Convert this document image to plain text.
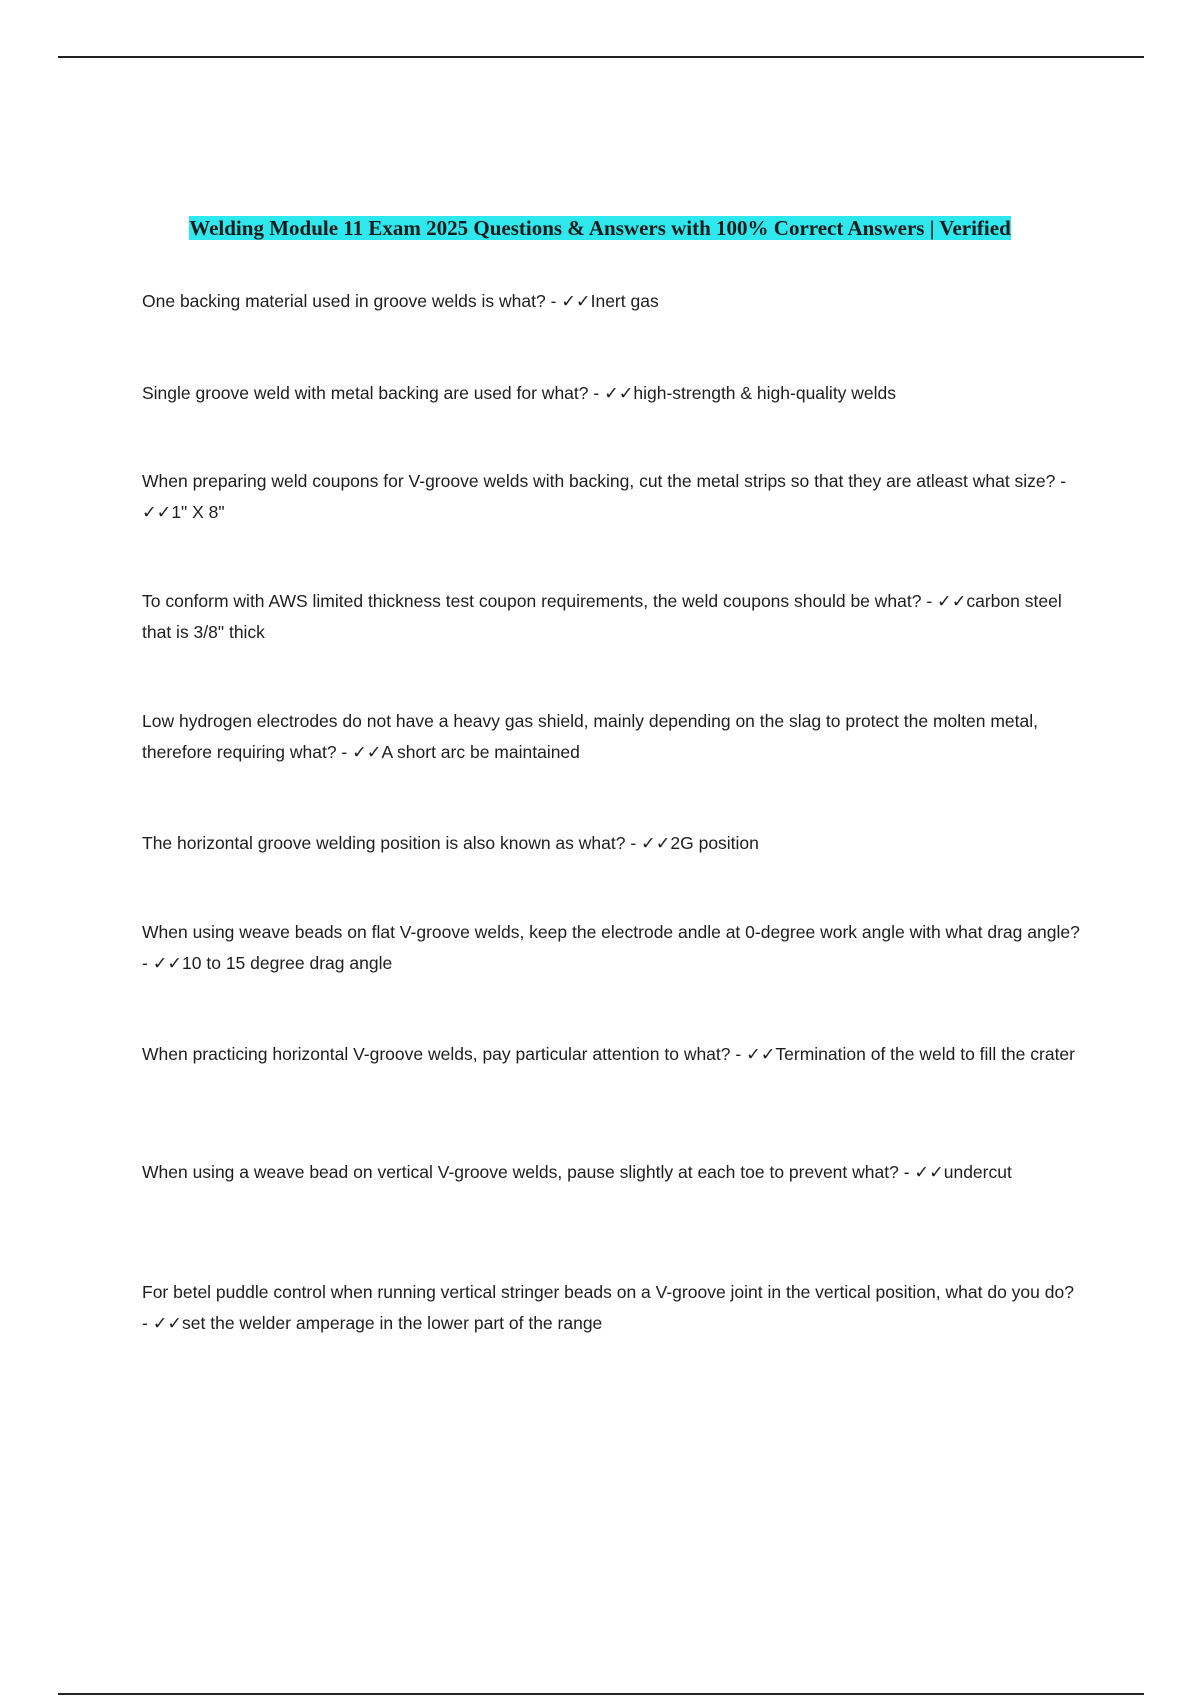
Welding Module 11 Exam 2025 Questions & Answers with 100% Correct Answers | Verified
One backing material used in groove welds is what? - ✓✓Inert gas
Single groove weld with metal backing are used for what? - ✓✓high-strength & high-quality welds
When preparing weld coupons for V-groove welds with backing, cut the metal strips so that they are atleast what size? - ✓✓1" X 8"
To conform with AWS limited thickness test coupon requirements, the weld coupons should be what? - ✓✓carbon steel that is 3/8" thick
Low hydrogen electrodes do not have a heavy gas shield, mainly depending on the slag to protect the molten metal, therefore requiring what? - ✓✓A short arc be maintained
The horizontal groove welding position is also known as what? - ✓✓2G position
When using weave beads on flat V-groove welds, keep the electrode andle at 0-degree work angle with what drag angle? - ✓✓10 to 15 degree drag angle
When practicing horizontal V-groove welds, pay particular attention to what? - ✓✓Termination of the weld to fill the crater
When using a weave bead on vertical V-groove welds, pause slightly at each toe to prevent what? - ✓✓undercut
For betel puddle control when running vertical stringer beads on a V-groove joint in the vertical position, what do you do? - ✓✓set the welder amperage in the lower part of the range
